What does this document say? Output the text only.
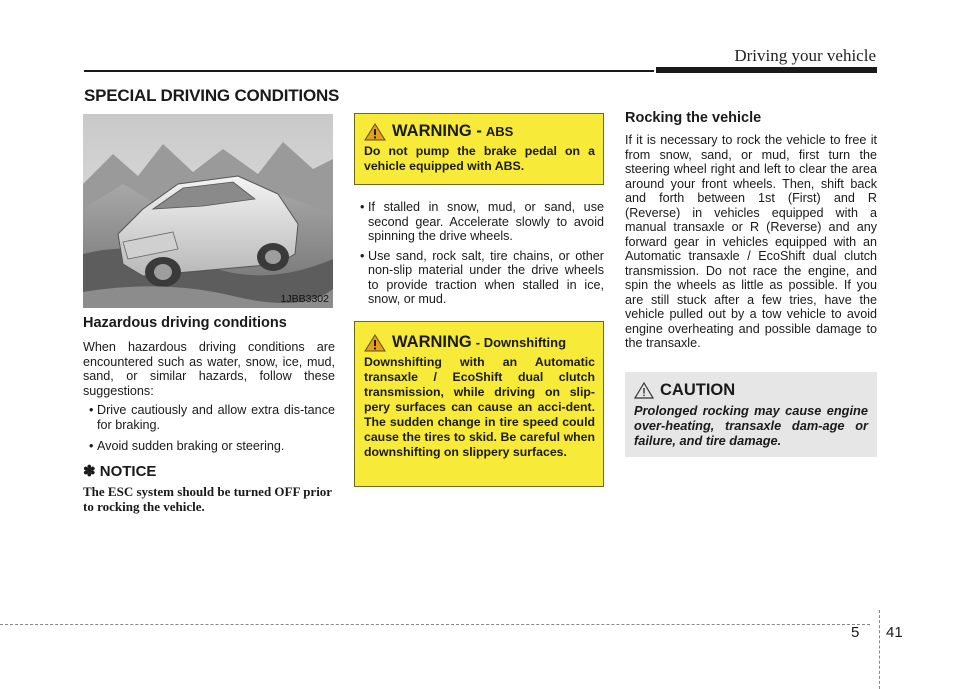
Driving your vehicle
SPECIAL DRIVING CONDITIONS
1JBB3302
Hazardous driving conditions

When hazardous driving conditions are encountered such as water, snow, ice, mud, sand, or similar hazards, follow these suggestions:

• Drive cautiously and allow extra dis-tance for braking.
• Avoid sudden braking or steering.
✽ NOTICE
The ESC system should be turned OFF prior to rocking the vehicle.
WARNING - ABS
Do not pump the brake pedal on a vehicle equipped with ABS.
• If stalled in snow, mud, or sand, use second gear. Accelerate slowly to avoid spinning the drive wheels.
• Use sand, rock salt, tire chains, or other non-slip material under the drive wheels to provide traction when stalled in ice, snow, or mud.
WARNING - Downshifting
Downshifting with an Automatic transaxle / EcoShift dual clutch transmission, while driving on slip-pery surfaces can cause an acci-dent. The sudden change in tire speed could cause the tires to skid. Be careful when downshifting on slippery surfaces.
Rocking the vehicle

If it is necessary to rock the vehicle to free it from snow, sand, or mud, first turn the steering wheel right and left to clear the area around your front wheels. Then, shift back and forth between 1st (First) and R (Reverse) in vehicles equipped with a manual transaxle or R (Reverse) and any forward gear in vehicles equipped with an Automatic transaxle / EcoShift dual clutch transmission. Do not race the engine, and spin the wheels as little as possible. If you are still stuck after a few tries, have the vehicle pulled out by a tow vehicle to avoid engine overheating and possible damage to the transaxle.

CAUTION
Prolonged rocking may cause engine over-heating, transaxle dam-age or failure, and tire damage.
5 41
